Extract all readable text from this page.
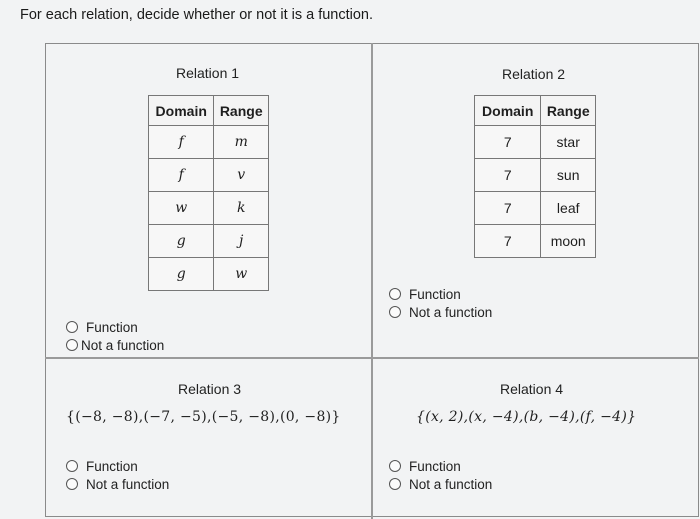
For each relation, decide whether or not it is a function.
Relation 1
Domain	Range
f	m
f	v
w	k
g	j
g	w
Function
Not a function
Relation 2
Domain	Range
7	star
7	sun
7	leaf
7	moon
Function
Not a function
Relation 3
{(−8, −8),(−7, −5),(−5, −8),(0, −8)}
Function
Not a function
Relation 4
{(x, 2),(x, −4),(b, −4),(f, −4)}
Function
Not a function
